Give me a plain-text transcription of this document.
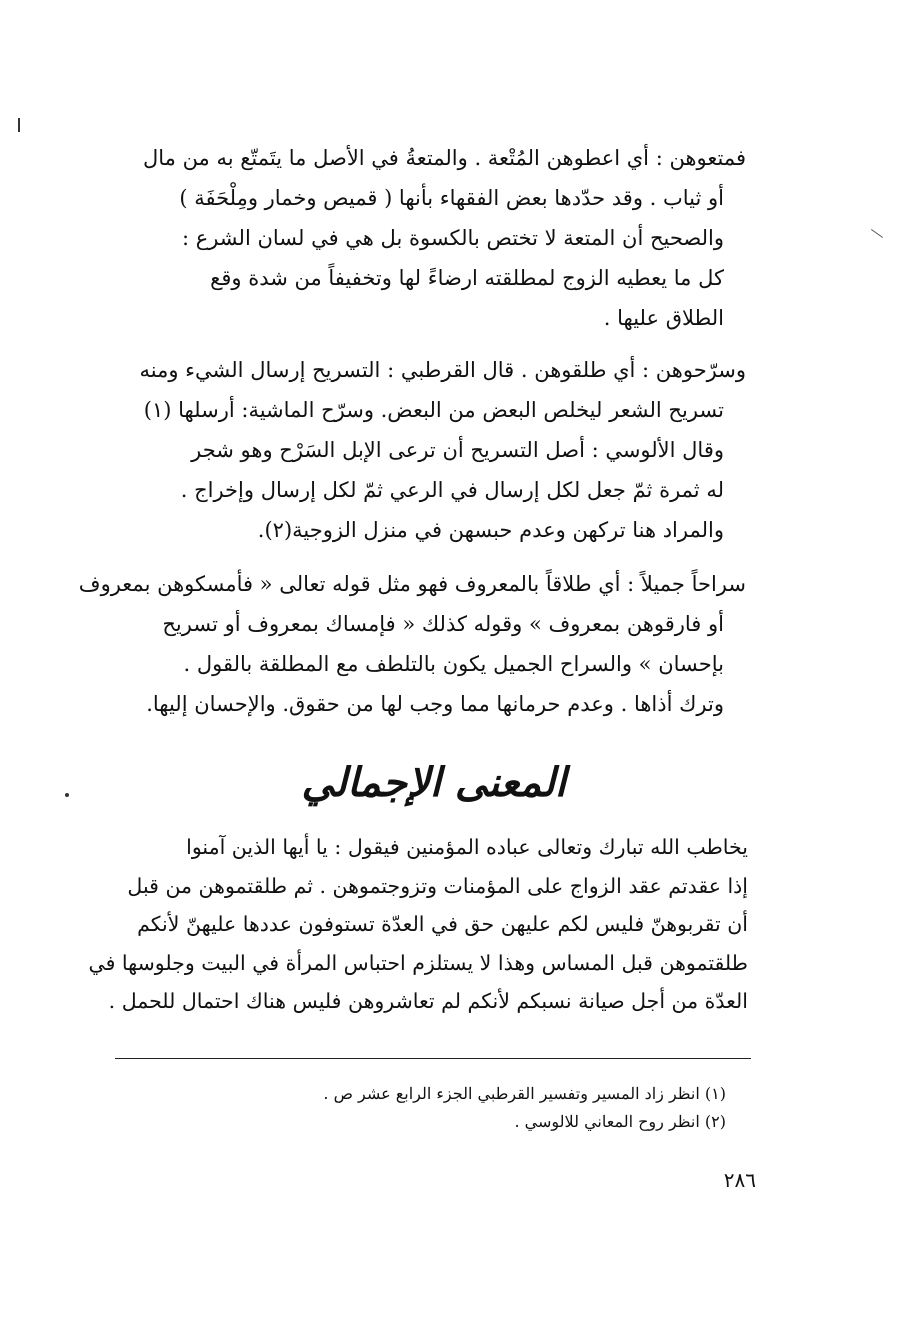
فمتعوهن : أي اعطوهن المُتْعة . والمتعةُ في الأصل ما يتَمتّع به من مال
أو ثياب . وقد حدّدها بعض الفقهاء بأنها ( قميص وخمار ومِلْحَفَة )
والصحيح أن المتعة لا تختص بالكسوة بل هي في لسان الشرع :
كل ما يعطيه الزوج لمطلقته ارضاءً لها وتخفيفاً من شدة وقع
الطلاق عليها .
وسرّحوهن : أي طلقوهن . قال القرطبي : التسريح إرسال الشيء ومنه
تسريح الشعر ليخلص البعض من البعض. وسرّح الماشية: أرسلها (١)
وقال الألوسي : أصل التسريح أن ترعى الإبل السَرْح وهو شجر
له ثمرة ثمّ جعل لكل إرسال في الرعي ثمّ لكل إرسال وإخراج .
والمراد هنا تركهن وعدم حبسهن في منزل الزوجية(٢).
سراحاً جميلاً : أي طلاقاً بالمعروف فهو مثل قوله تعالى « فأمسكوهن بمعروف
أو فارقوهن بمعروف » وقوله كذلك « فإمساك بمعروف أو تسريح
بإحسان » والسراح الجميل يكون بالتلطف مع المطلقة بالقول .
وترك أذاها . وعدم حرمانها مما وجب لها من حقوق. والإحسان إليها.
المعنى الإجمالي
يخاطب الله تبارك وتعالى عباده المؤمنين فيقول : يا أيها الذين آمنوا
إذا عقدتم عقد الزواج على المؤمنات وتزوجتموهن . ثم طلقتموهن من قبل
أن تقربوهنّ فليس لكم عليهن حق في العدّة تستوفون عددها عليهنّ لأنكم
طلقتموهن قبل المساس وهذا لا يستلزم احتباس المرأة في البيت وجلوسها في
العدّة من أجل صيانة نسبكم لأنكم لم تعاشروهن فليس هناك احتمال للحمل .
(١) انظر زاد المسير وتفسير القرطبي الجزء الرابع عشر ص .
(٢) انظر روح المعاني للالوسي .
٢٨٦
